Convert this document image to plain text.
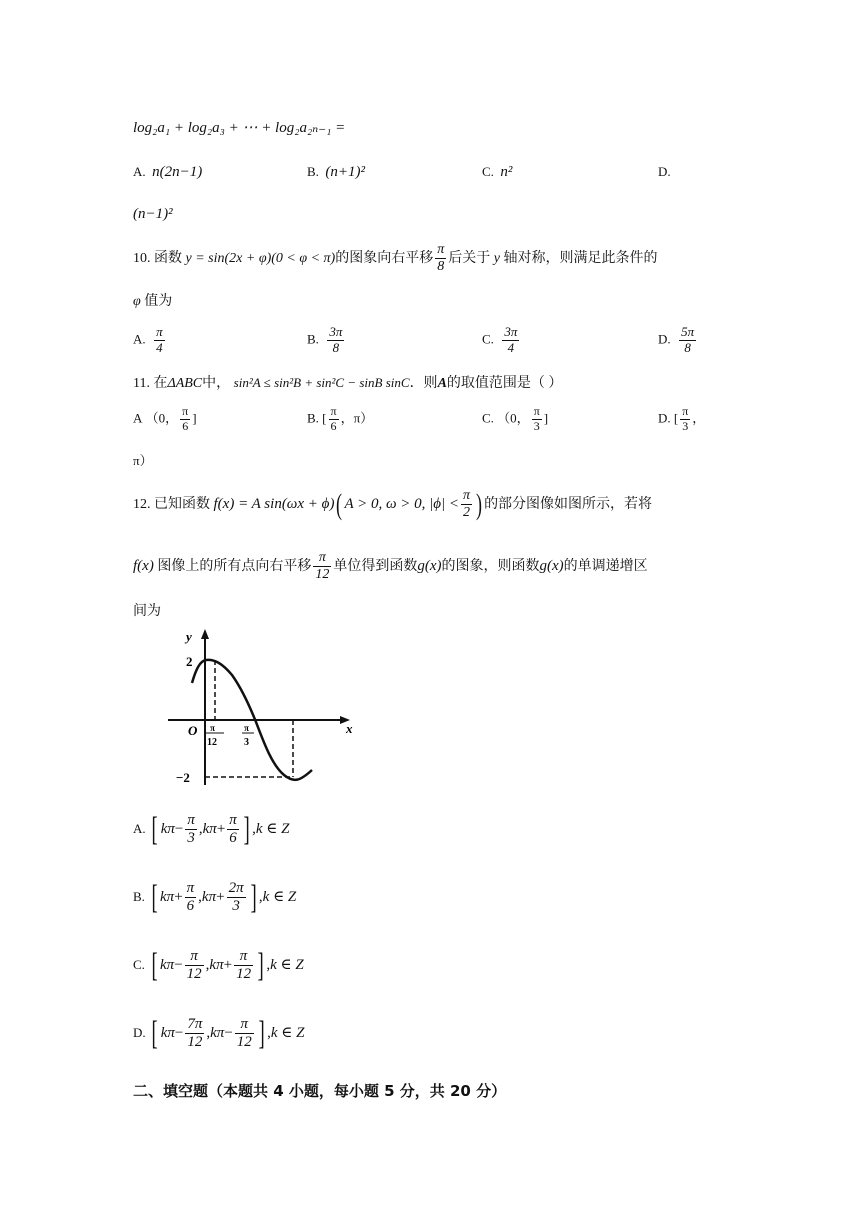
log₂a₁ + log₂a₃ + ⋯ + log₂a₂ₙ₋₁ =
A. n(2n−1)	B. (n+1)²	C. n²	D.
(n−1)²
10. 函数 y = sin(2x + φ)(0 < φ < π)的图象向右平移 $\frac{\pi}{8}$ 后关于 y 轴对称，则满足此条件的
φ 值为
A. $\frac{\pi}{4}$	B. $\frac{3\pi}{8}$	C. $\frac{3\pi}{4}$	D. $\frac{5\pi}{8}$
11. 在ΔABC中， sin²A ≤ sin²B + sin²C − sinB sinC．则A的取值范围是（ ）
A （0， $\frac{\pi}{6}$ ]	B. [ $\frac{\pi}{6}$ ，π）	C. （0， $\frac{\pi}{3}$ ]	D. [ $\frac{\pi}{3}$ ，
π）
12. 已知函数 f(x) = A sin(ωx + ϕ)( A > 0, ω > 0, $|\phi| < \frac{\pi}{2}$ ) 的部分图像如图所示，若将
f(x) 图像上的所有点向右平移 $\frac{\pi}{12}$ 单位得到函数g(x)的图象，则函数g(x)的单调递增区
间为
y
x
O
2
−2
π
12
π
3
A. [ $k\pi- \frac{\pi}{3} ,k\pi+ \frac{\pi}{6}$ ] ,k ∈ Z
B. [ $k\pi+ \frac{\pi}{6} ,k\pi+ \frac{2\pi}{3}$ ] ,k ∈ Z
C. [ $k\pi- \frac{\pi}{12} ,k\pi+ \frac{\pi}{12}$ ] ,k ∈ Z
D. [ $k\pi- \frac{7\pi}{12} ,k\pi- \frac{\pi}{12}$ ] ,k ∈ Z
二、填空题（本题共 4 小题，每小题 5 分，共 20 分）
